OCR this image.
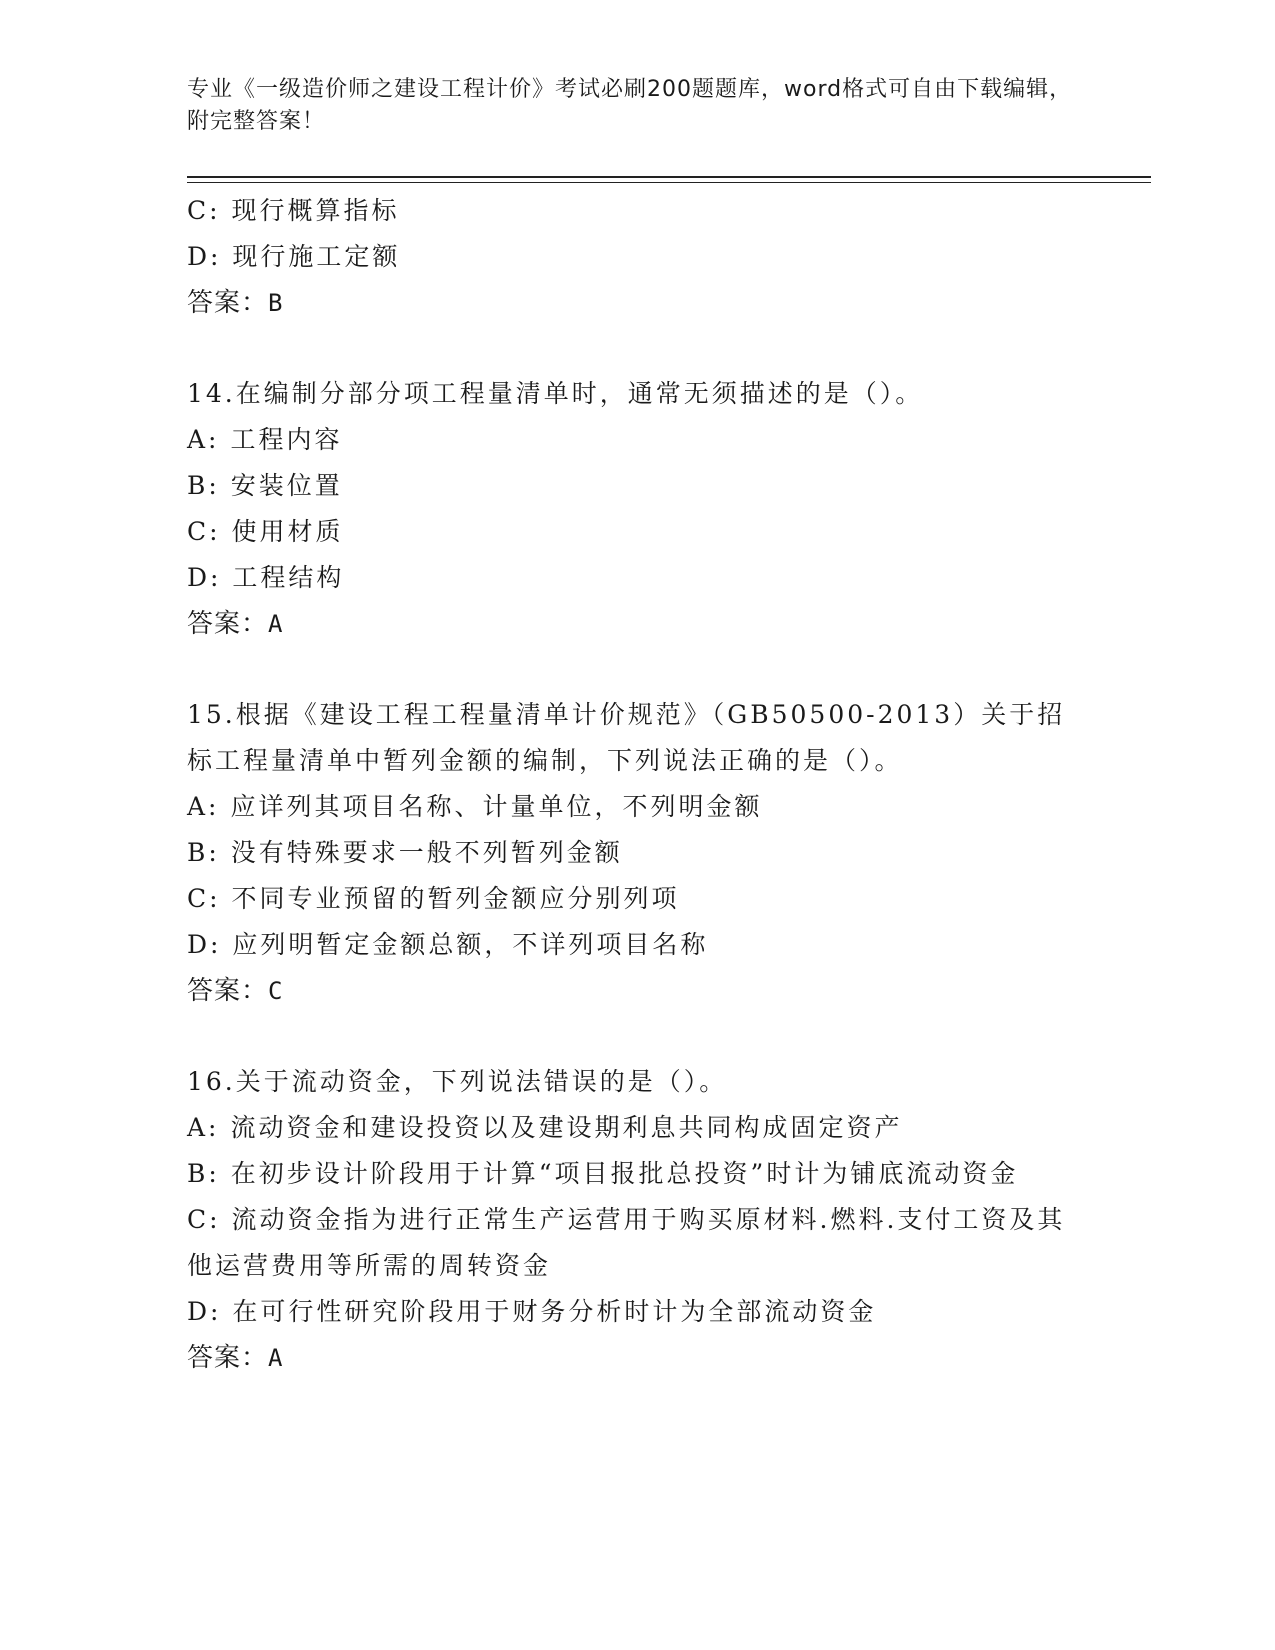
专业《一级造价师之建设工程计价》考试必刷200题题库，word格式可自由下载编辑，附完整答案！
C: 现行概算指标
D: 现行施工定额
答案：B
14.在编制分部分项工程量清单时，通常无须描述的是（）。
A: 工程内容
B: 安装位置
C: 使用材质
D: 工程结构
答案：A
15.根据《建设工程工程量清单计价规范》（GB50500-2013）关于招标工程量清单中暂列金额的编制，下列说法正确的是（）。
A: 应详列其项目名称、计量单位，不列明金额
B: 没有特殊要求一般不列暂列金额
C: 不同专业预留的暂列金额应分别列项
D: 应列明暂定金额总额，不详列项目名称
答案：C
16.关于流动资金，下列说法错误的是（）。
A: 流动资金和建设投资以及建设期利息共同构成固定资产
B: 在初步设计阶段用于计算“项目报批总投资”时计为铺底流动资金
C: 流动资金指为进行正常生产运营用于购买原材料.燃料.支付工资及其他运营费用等所需的周转资金
D: 在可行性研究阶段用于财务分析时计为全部流动资金
答案：A
